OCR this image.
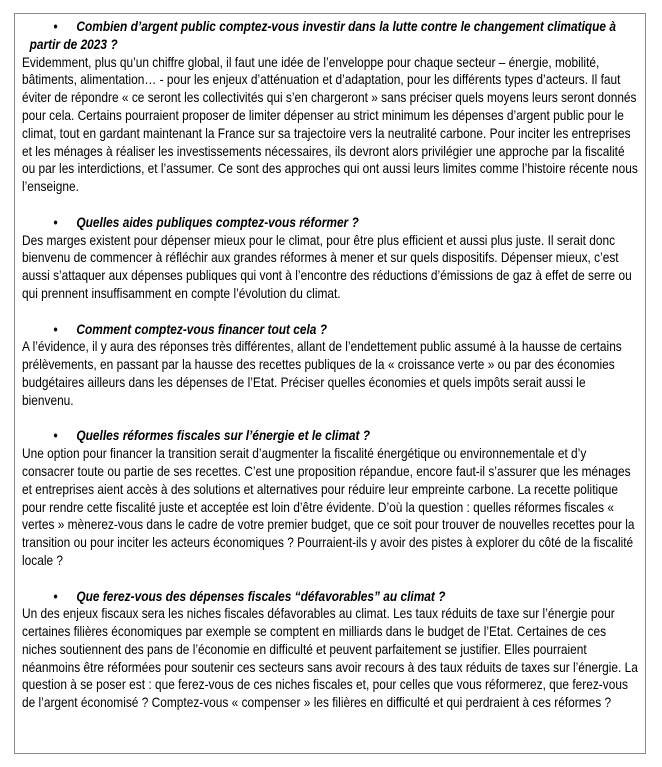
• Combien d’argent public comptez-vous investir dans la lutte contre le changement climatique à partir de 2023 ?

Evidemment, plus qu’un chiffre global, il faut une idée de l’enveloppe pour chaque secteur – énergie, mobilité, bâtiments, alimentation… - pour les enjeux d’atténuation et d’adaptation, pour les différents types d’acteurs. Il faut éviter de répondre « ce seront les collectivités qui s’en chargeront » sans préciser quels moyens leurs seront donnés pour cela. Certains pourraient proposer de limiter dépenser au strict minimum les dépenses d’argent public pour le climat, tout en gardant maintenant la France sur sa trajectoire vers la neutralité carbone. Pour inciter les entreprises et les ménages à réaliser les investissements nécessaires, ils devront alors privilégier une approche par la fiscalité ou par les interdictions, et l’assumer. Ce sont des approches qui ont aussi leurs limites comme l’histoire récente nous l’enseigne.

• Quelles aides publiques comptez-vous réformer ?

Des marges existent pour dépenser mieux pour le climat, pour être plus efficient et aussi plus juste. Il serait donc bienvenu de commencer à réfléchir aux grandes réformes à mener et sur quels dispositifs. Dépenser mieux, c’est aussi s’attaquer aux dépenses publiques qui vont à l’encontre des réductions d’émissions de gaz à effet de serre ou qui prennent insuffisamment en compte l’évolution du climat.

• Comment comptez-vous financer tout cela ?

A l’évidence, il y aura des réponses très différentes, allant de l’endettement public assumé à la hausse de certains prélèvements, en passant par la hausse des recettes publiques de la « croissance verte » ou par des économies budgétaires ailleurs dans les dépenses de l’Etat. Préciser quelles économies et quels impôts serait aussi le bienvenu.

• Quelles réformes fiscales sur l’énergie et le climat ?

Une option pour financer la transition serait d’augmenter la fiscalité énergétique ou environnementale et d’y consacrer toute ou partie de ses recettes. C’est une proposition répandue, encore faut-il s’assurer que les ménages et entreprises aient accès à des solutions et alternatives pour réduire leur empreinte carbone. La recette politique pour rendre cette fiscalité juste et acceptée est loin d’être évidente. D’où la question : quelles réformes fiscales « vertes » mènerez-vous dans le cadre de votre premier budget, que ce soit pour trouver de nouvelles recettes pour la transition ou pour inciter les acteurs économiques ? Pourraient-ils y avoir des pistes à explorer du côté de la fiscalité locale ?

• Que ferez-vous des dépenses fiscales “défavorables” au climat ?

Un des enjeux fiscaux sera les niches fiscales défavorables au climat. Les taux réduits de taxe sur l’énergie pour certaines filières économiques par exemple se comptent en milliards dans le budget de l’Etat. Certaines de ces niches soutiennent des pans de l’économie en difficulté et peuvent parfaitement se justifier. Elles pourraient néanmoins être réformées pour soutenir ces secteurs sans avoir recours à des taux réduits de taxes sur l’énergie. La question à se poser est : que ferez-vous de ces niches fiscales et, pour celles que vous réformerez, que ferez-vous de l’argent économisé ? Comptez-vous « compenser » les filières en difficulté et qui perdraient à ces réformes ?
